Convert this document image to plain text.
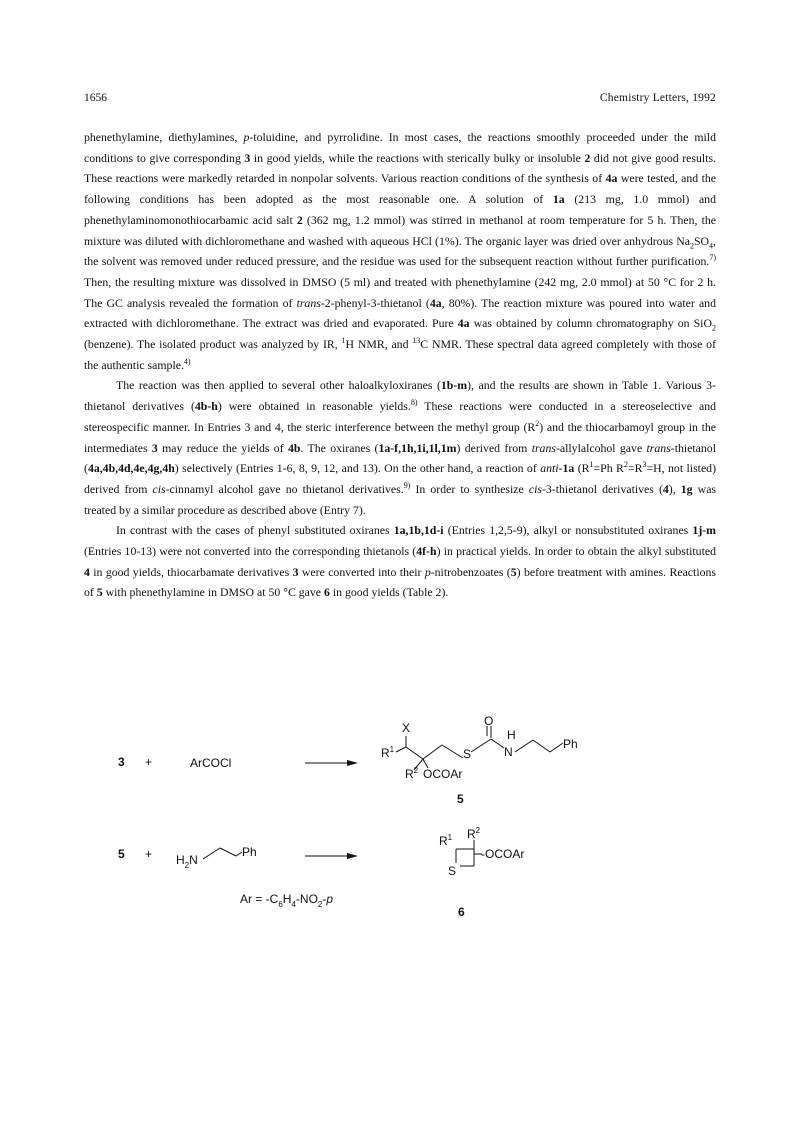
1656	Chemistry Letters, 1992

phenethylamine, diethylamines, p-toluidine, and pyrrolidine. In most cases, the reactions smoothly proceeded under the mild conditions to give corresponding 3 in good yields, while the reactions with sterically bulky or insoluble 2 did not give good results. These reactions were markedly retarded in nonpolar solvents. Various reaction conditions of the synthesis of 4a were tested, and the following conditions has been adopted as the most reasonable one. A solution of 1a (213 mg, 1.0 mmol) and phenethylaminomonothiocarbamic acid salt 2 (362 mg, 1.2 mmol) was stirred in methanol at room temperature for 5 h. Then, the mixture was diluted with dichloromethane and washed with aqueous HCl (1%). The organic layer was dried over anhydrous $Na_2SO_4$, the solvent was removed under reduced pressure, and the residue was used for the subsequent reaction without further purification.$^{7)}$ Then, the resulting mixture was dissolved in DMSO (5 ml) and treated with phenethylamine (242 mg, 2.0 mmol) at 50 °C for 2 h. The GC analysis revealed the formation of trans-2-phenyl-3-thietanol (4a, 80%). The reaction mixture was poured into water and extracted with dichloromethane. The extract was dried and evaporated. Pure 4a was obtained by column chromatography on SiO$_2$ (benzene). The isolated product was analyzed by IR, $^1$H NMR, and $^{13}$C NMR. These spectral data agreed completely with those of the authentic sample.$^{4)}$

The reaction was then applied to several other haloalkyloxiranes (1b-m), and the results are shown in Table 1. Various 3-thietanol derivatives (4b-h) were obtained in reasonable yields.$^{8)}$ These reactions were conducted in a stereoselective and stereospecific manner. In Entries 3 and 4, the steric interference between the methyl group $(R^2)$ and the thiocarbamoyl group in the intermediates 3 may reduce the yields of 4b. The oxiranes (1a-f,1h,1i,1l,1m) derived from trans-allylalcohol gave trans-thietanol (4a,4b,4d,4e,4g,4h) selectively (Entries 1-6, 8, 9, 12, and 13). On the other hand, a reaction of anti-1a ($R^1=Ph$ $R^2=R^3=H$, not listed) derived from cis-cinnamyl alcohol gave no thietanol derivatives.$^{9)}$ In order to synthesize cis-3-thietanol derivatives (4), 1g was treated by a similar procedure as described above (Entry 7).

In contrast with the cases of phenyl substituted oxiranes 1a,1b,1d-i (Entries 1,2,5-9), alkyl or nonsubstituted oxiranes 1j-m (Entries 10-13) were not converted into the corresponding thietanols (4f-h) in practical yields. In order to obtain the alkyl substituted 4 in good yields, thiocarbamate derivatives 3 were converted into their p-nitrobenzoates (5) before treatment with amines. Reactions of 5 with phenethylamine in DMSO at 50 °C gave 6 in good yields (Table 2).

3 +	ArCOCl
X
$R^1$
$R^2$ OCOAr
S
O
H
N
Ph
5
$5 + H_2N$
Ph
$R^1$ $R^2$
S
-OCOAr
$Ar = -C_6H_4-NO_2-p$
6
